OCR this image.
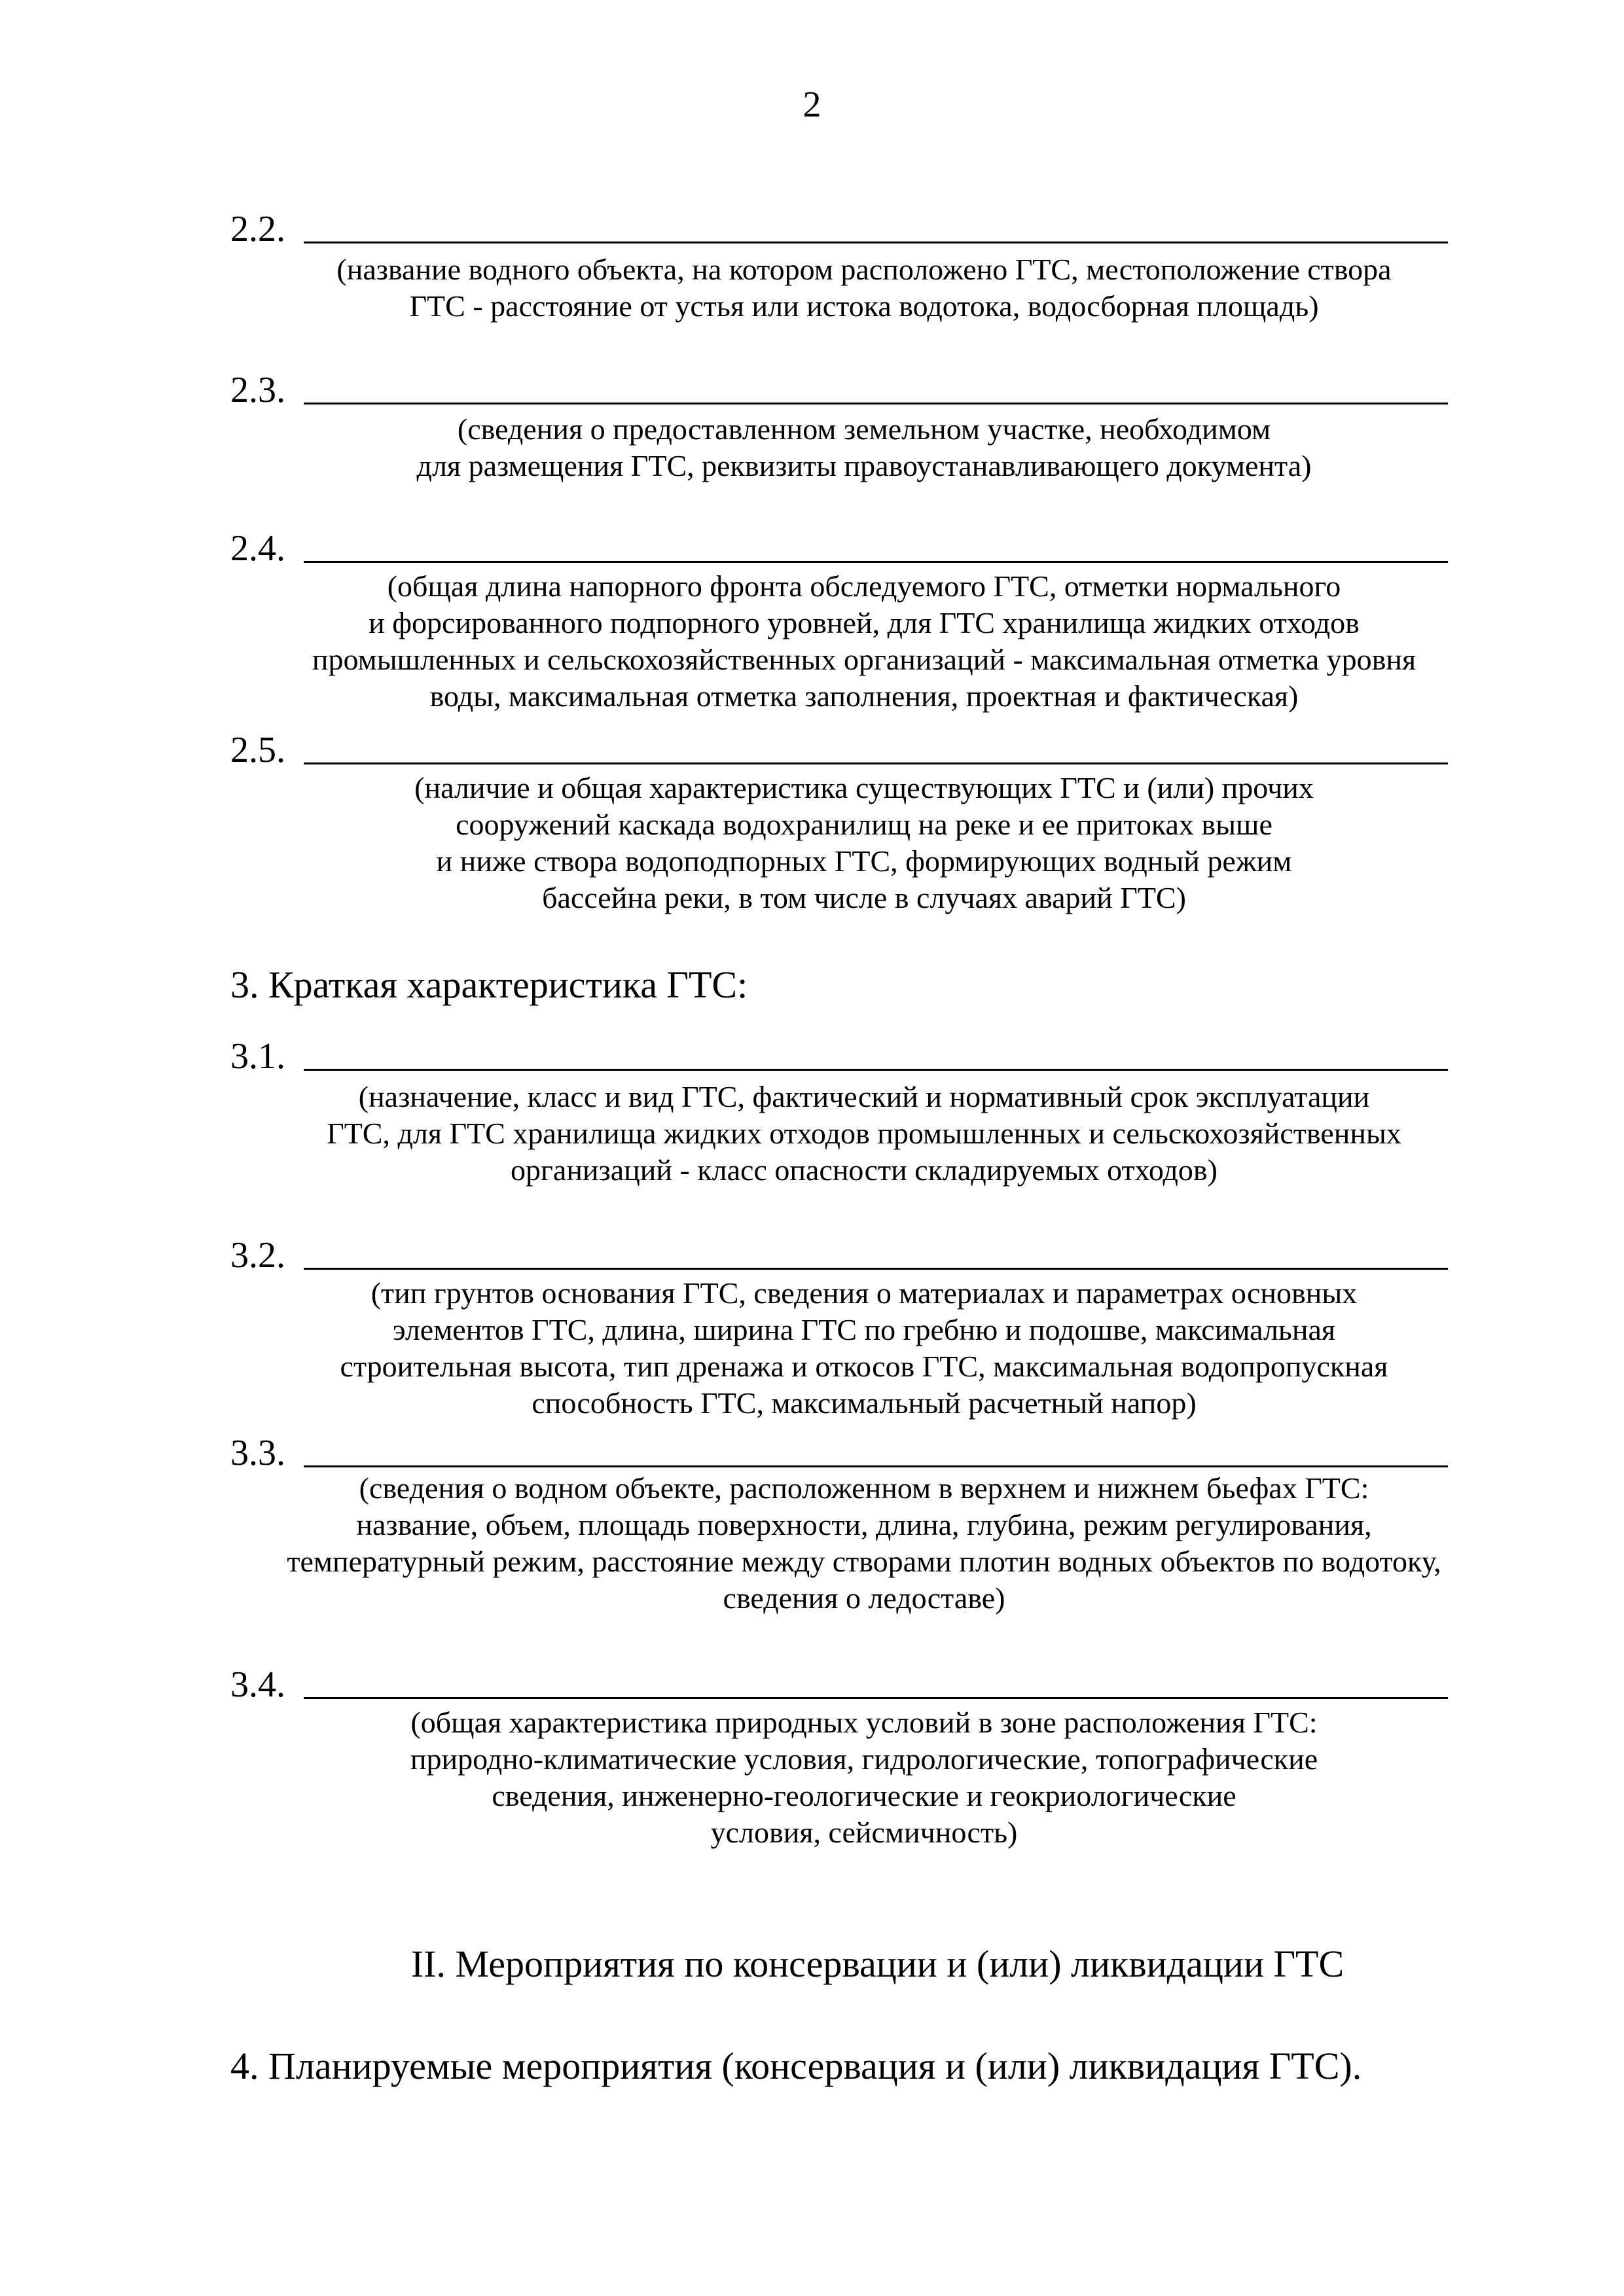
2
2.2.
(название водного объекта, на котором расположено ГТС, местоположение створа
ГТС - расстояние от устья или истока водотока, водосборная площадь)
2.3.
(сведения о предоставленном земельном участке, необходимом
для размещения ГТС, реквизиты правоустанавливающего документа)
2.4.
(общая длина напорного фронта обследуемого ГТС, отметки нормального
и форсированного подпорного уровней, для ГТС хранилища жидких отходов
промышленных и сельскохозяйственных организаций - максимальная отметка уровня
воды, максимальная отметка заполнения, проектная и фактическая)
2.5.
(наличие и общая характеристика существующих ГТС и (или) прочих
сооружений каскада водохранилищ на реке и ее притоках выше
и ниже створа водоподпорных ГТС, формирующих водный режим
бассейна реки, в том числе в случаях аварий ГТС)
3. Краткая характеристика ГТС:
3.1.
(назначение, класс и вид ГТС, фактический и нормативный срок эксплуатации
ГТС, для ГТС хранилища жидких отходов промышленных и сельскохозяйственных
организаций - класс опасности складируемых отходов)
3.2.
(тип грунтов основания ГТС, сведения о материалах и параметрах основных
элементов ГТС, длина, ширина ГТС по гребню и подошве, максимальная
строительная высота, тип дренажа и откосов ГТС, максимальная водопропускная
способность ГТС, максимальный расчетный напор)
3.3.
(сведения о водном объекте, расположенном в верхнем и нижнем бьефах ГТС:
название, объем, площадь поверхности, длина, глубина, режим регулирования,
температурный режим, расстояние между створами плотин водных объектов по водотоку,
сведения о ледоставе)
3.4.
(общая характеристика природных условий в зоне расположения ГТС:
природно-климатические условия, гидрологические, топографические
сведения, инженерно-геологические и геокриологические
условия, сейсмичность)
II. Мероприятия по консервации и (или) ликвидации ГТС
4. Планируемые мероприятия (консервация и (или) ликвидация ГТС).
